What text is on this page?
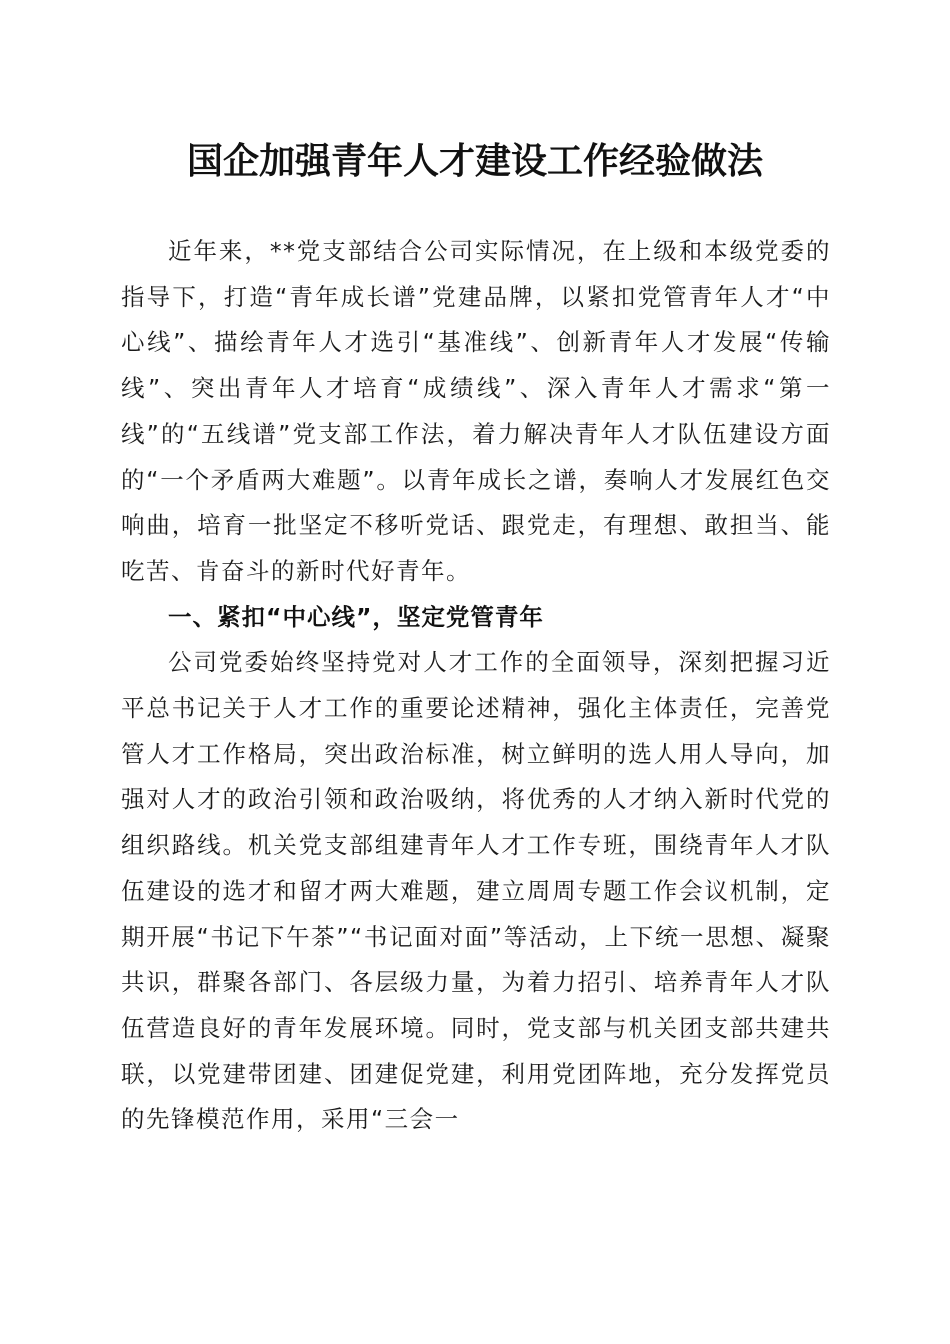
国企加强青年人才建设工作经验做法

近年来，**党支部结合公司实际情况，在上级和本级党委的指导下，打造“青年成长谱”党建品牌，以紧扣党管青年人才“中心线”、描绘青年人才选引“基准线”、创新青年人才发展“传输线”、突出青年人才培育“成绩线”、深入青年人才需求“第一线”的“五线谱”党支部工作法，着力解决青年人才队伍建设方面的“一个矛盾两大难题”。以青年成长之谱，奏响人才发展红色交响曲，培育一批坚定不移听党话、跟党走，有理想、敢担当、能吃苦、肯奋斗的新时代好青年。

一、紧扣“中心线”，坚定党管青年

公司党委始终坚持党对人才工作的全面领导，深刻把握习近平总书记关于人才工作的重要论述精神，强化主体责任，完善党管人才工作格局，突出政治标准，树立鲜明的选人用人导向，加强对人才的政治引领和政治吸纳，将优秀的人才纳入新时代党的组织路线。机关党支部组建青年人才工作专班，围绕青年人才队伍建设的选才和留才两大难题，建立周周专题工作会议机制，定期开展“书记下午茶”“书记面对面”等活动，上下统一思想、凝聚共识，群聚各部门、各层级力量，为着力招引、培养青年人才队伍营造良好的青年发展环境。同时，党支部与机关团支部共建共联，以党建带团建、团建促党建，利用党团阵地，充分发挥党员的先锋模范作用，采用“三会一
